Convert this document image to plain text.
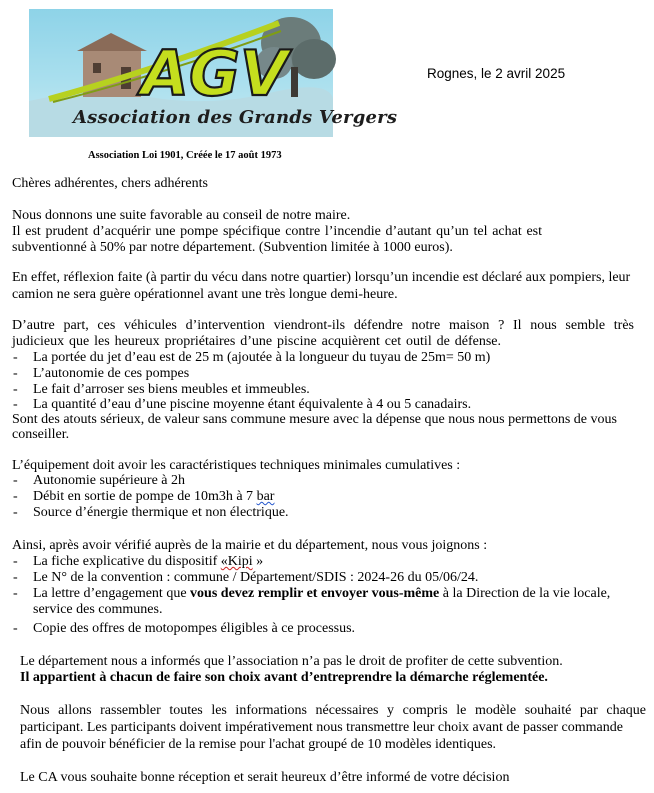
AGV
Association des Grands Vergers
Rognes, le 2 avril 2025
Association Loi 1901, Créée le 17 août 1973
Chères adhérentes, chers adhérents
Nous donnons une suite favorable au conseil de notre maire.
Il est prudent d’acquérir une pompe spécifique contre l’incendie d’autant qu’un tel achat est
subventionné à 50% par notre département. (Subvention limitée à 1000 euros).
En effet, réflexion faite (à partir du vécu dans notre quartier) lorsqu’un incendie est déclaré aux pompiers, leur
camion ne sera guère opérationnel avant une très longue demi-heure.
D’autre part, ces véhicules d’intervention viendront-ils défendre notre maison ? Il nous semble très
judicieux que les heureux propriétaires d’une piscine acquièrent cet outil de défense.
- La portée du jet d’eau est de 25 m (ajoutée à la longueur du tuyau de 25m= 50 m)
- L’autonomie de ces pompes
- Le fait d’arroser ses biens meubles et immeubles.
- La quantité d’eau d’une piscine moyenne étant équivalente à 4 ou 5 canadairs.
Sont des atouts sérieux, de valeur sans commune mesure avec la dépense que nous nous permettons de vous
conseiller.
L’équipement doit avoir les caractéristiques techniques minimales cumulatives :
- Autonomie supérieure à 2h
- Débit en sortie de pompe de 10m3h à 7 bar
- Source d’énergie thermique et non électrique.
Ainsi, après avoir vérifié auprès de la mairie et du département, nous vous joignons :
- La fiche explicative du dispositif «Kipi »
- Le N° de la convention : commune / Département/SDIS : 2024-26 du 05/06/24.
- La lettre d’engagement que vous devez remplir et envoyer vous-même à la Direction de la vie locale,
service des communes.
- Copie des offres de motopompes éligibles à ce processus.
Le département nous a informés que l’association n’a pas le droit de profiter de cette subvention.
Il appartient à chacun de faire son choix avant d’entreprendre la démarche réglementée.
Nous allons rassembler toutes les informations nécessaires y compris le modèle souhaité par chaque
participant. Les participants doivent impérativement nous transmettre leur choix avant de passer commande
afin de pouvoir bénéficier de la remise pour l'achat groupé de 10 modèles identiques.
Le CA vous souhaite bonne réception et serait heureux d’être informé de votre décision
